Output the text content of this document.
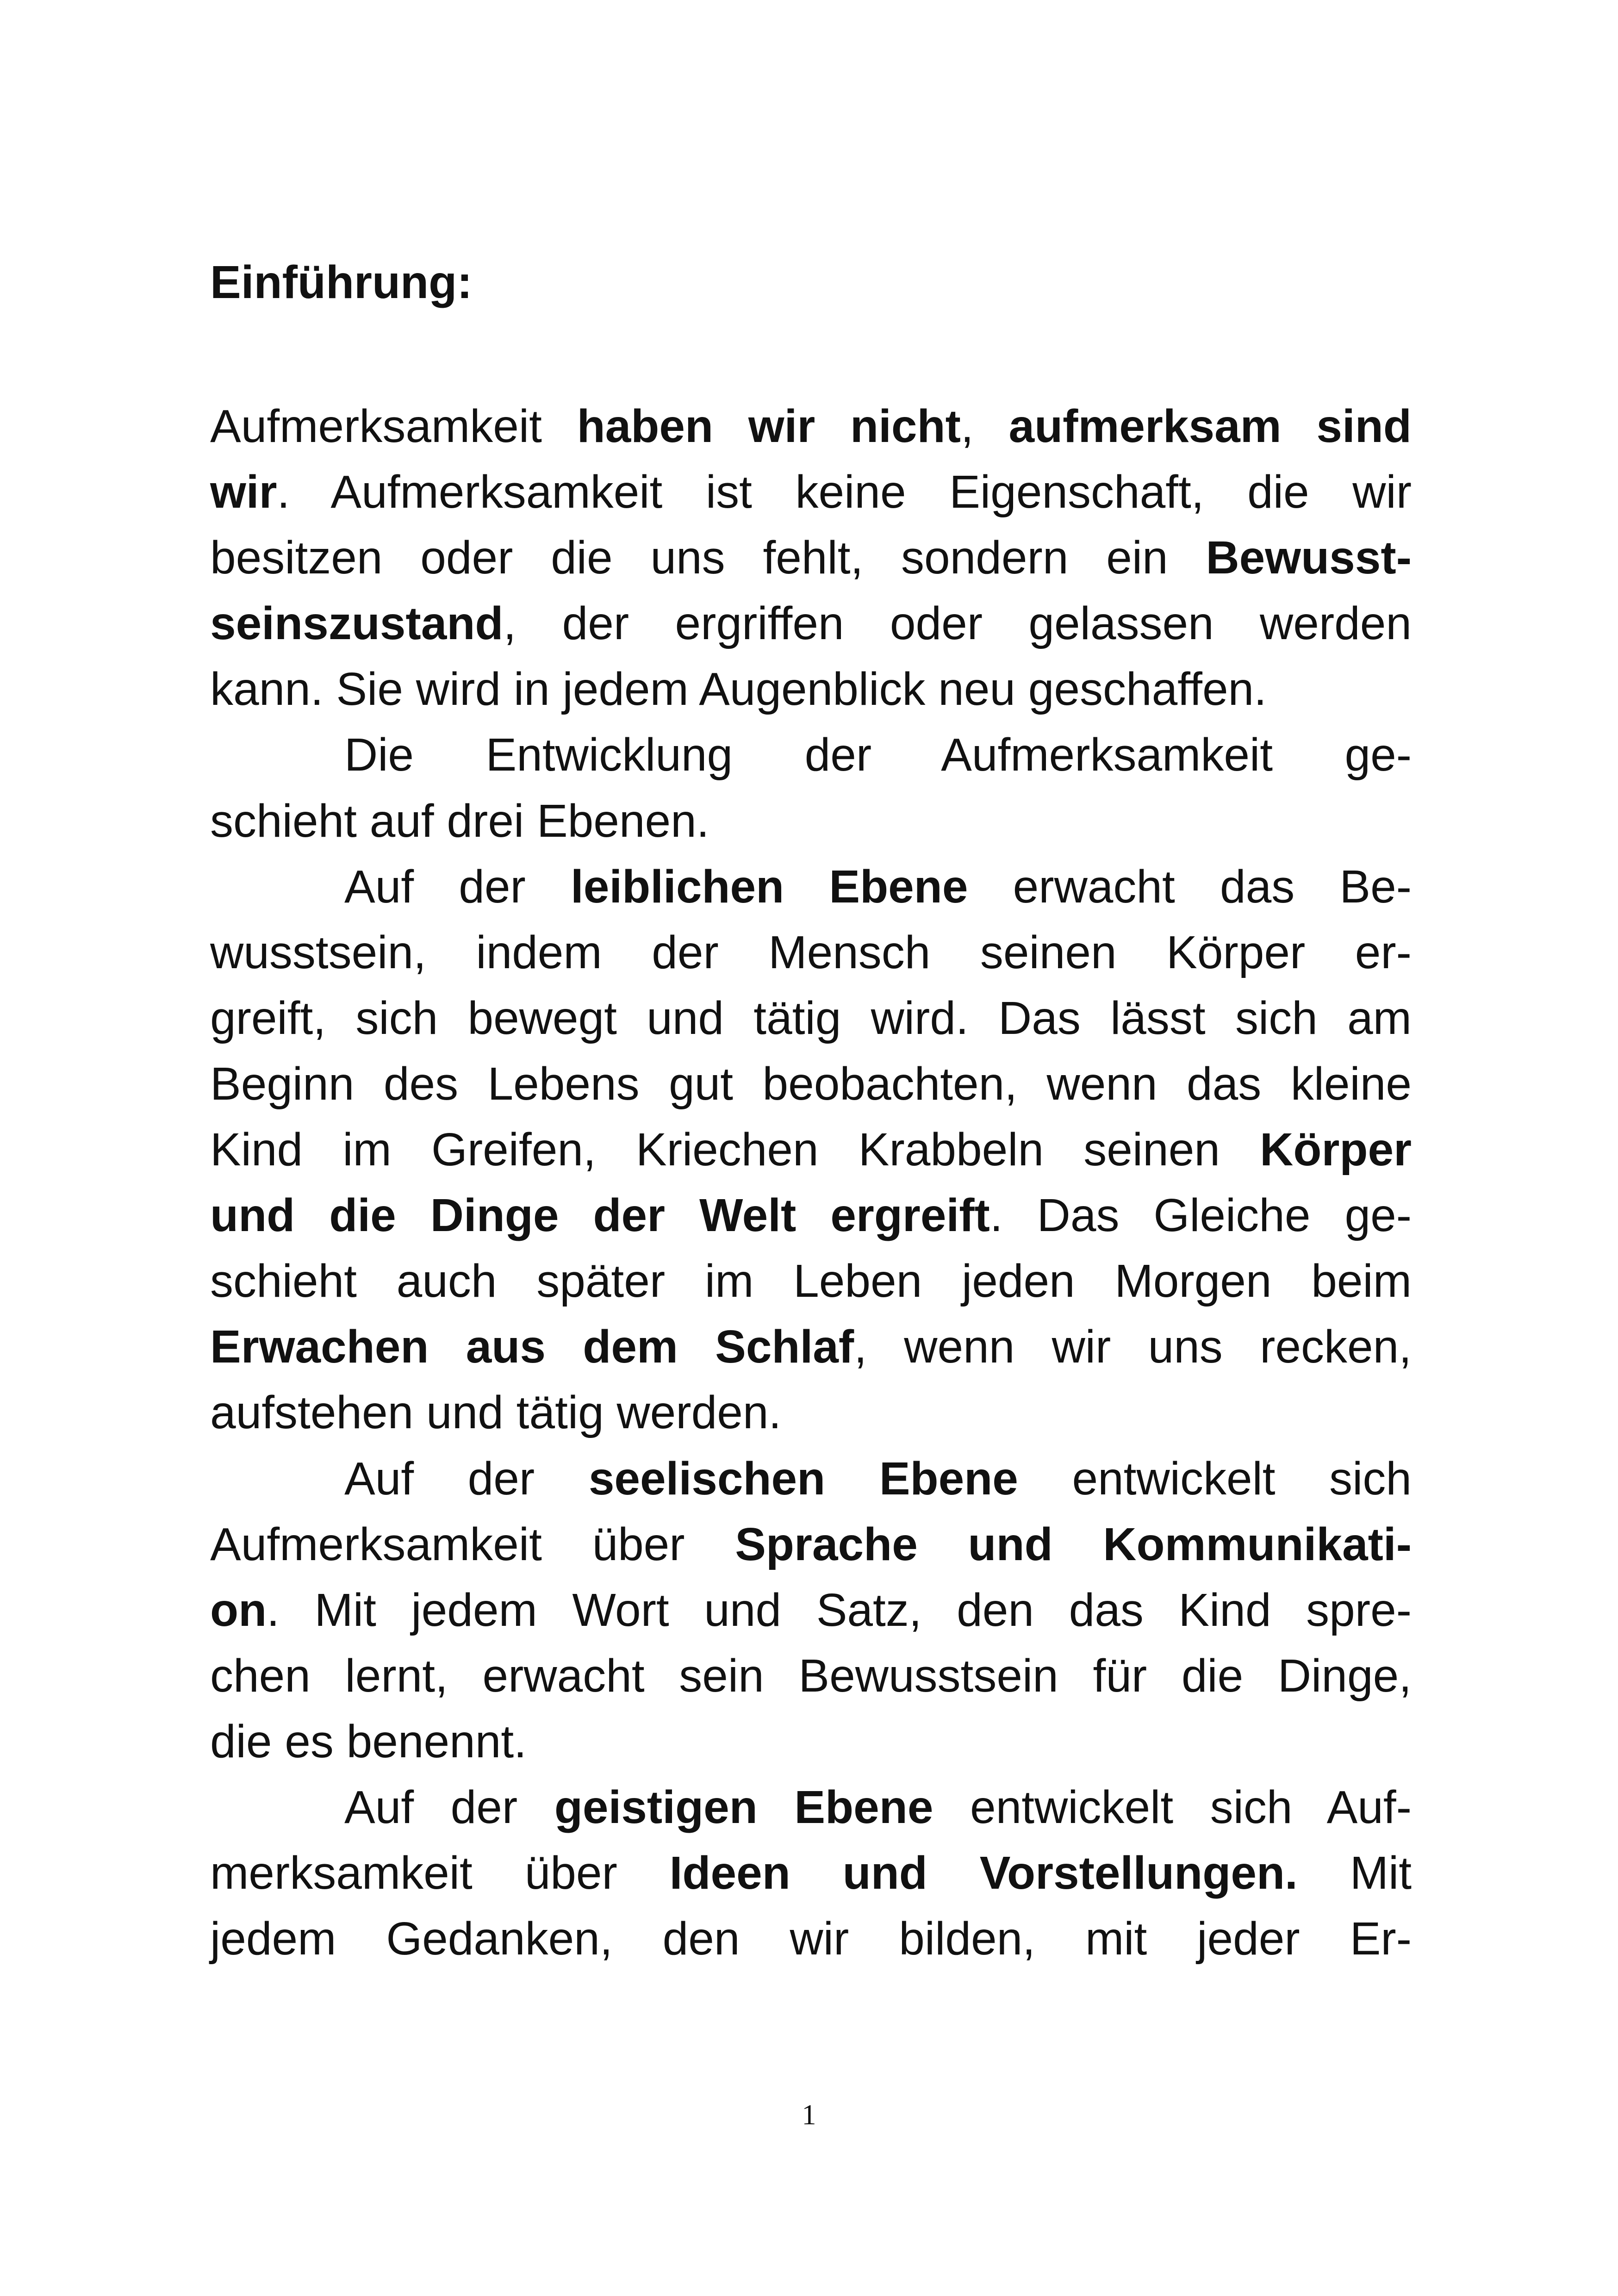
Einführung:
Aufmerksamkeit haben wir nicht, aufmerksam sind
wir. Aufmerksamkeit ist keine Eigenschaft, die wir
besitzen oder die uns fehlt, sondern ein Bewusst-
seinszustand, der ergriffen oder gelassen werden
kann. Sie wird in jedem Augenblick neu geschaffen.
Die Entwicklung der Aufmerksamkeit ge-
schieht auf drei Ebenen.
Auf der leiblichen Ebene erwacht das Be-
wusstsein, indem der Mensch seinen Körper er-
greift, sich bewegt und tätig wird. Das lässt sich am
Beginn des Lebens gut beobachten, wenn das kleine
Kind im Greifen, Kriechen Krabbeln seinen Körper
und die Dinge der Welt ergreift. Das Gleiche ge-
schieht auch später im Leben jeden Morgen beim
Erwachen aus dem Schlaf, wenn wir uns recken,
aufstehen und tätig werden.
Auf der seelischen Ebene entwickelt sich
Aufmerksamkeit über Sprache und Kommunikati-
on. Mit jedem Wort und Satz, den das Kind spre-
chen lernt, erwacht sein Bewusstsein für die Dinge,
die es benennt.
Auf der geistigen Ebene entwickelt sich Auf-
merksamkeit über Ideen und Vorstellungen. Mit
jedem Gedanken, den wir bilden, mit jeder Er-
1
